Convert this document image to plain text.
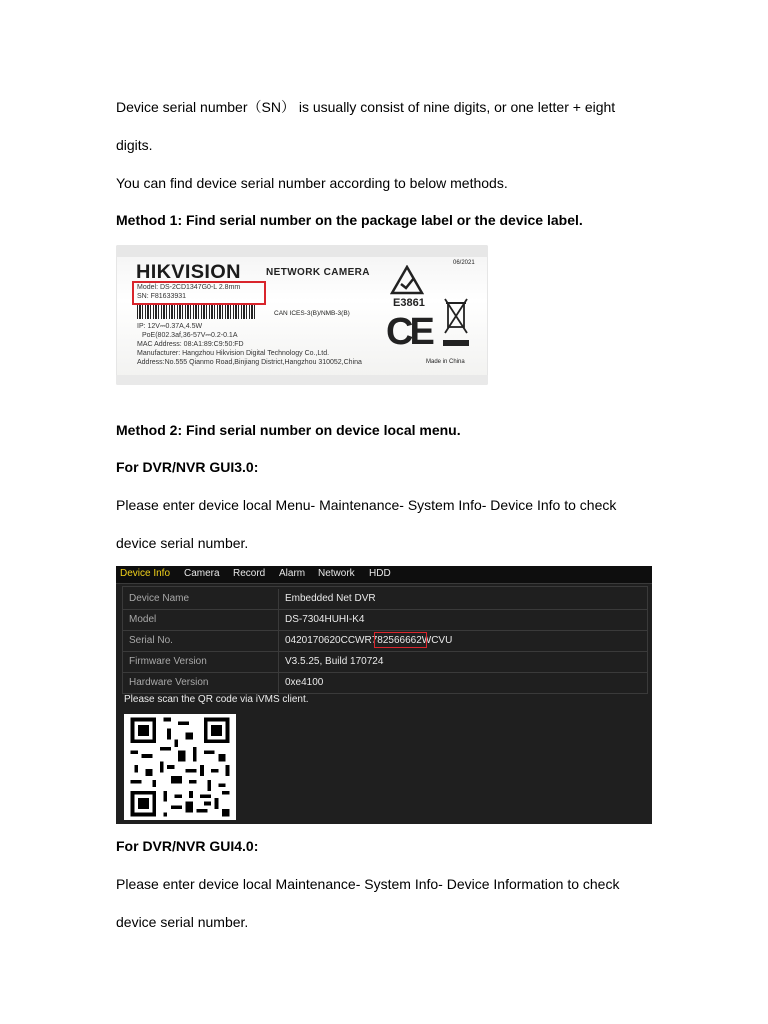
Device serial number（SN） is usually consist of nine digits, or one letter + eight
digits.
You can find device serial number according to below methods.
Method 1: Find serial number on the package label or the device label.
HIKVISION	NETWORK CAMERA
06/2021
Model: DS-2CD1347G0-L 2.8mm
SN: F81633931
IP: 12V⎓0.37A,4.5W
PoE(802.3af,36-57V⎓0.2-0.1A
MAC Address: 08:A1:89:C9:50:FD
Manufacturer: Hangzhou Hikvision Digital Technology Co.,Ltd.
Address:No.555 Qianmo Road,Binjiang District,Hangzhou 310052,China
CAN ICES-3(B)/NMB-3(B)
E3861
Made in China
CE
Method 2: Find serial number on device local menu.
For DVR/NVR GUI3.0:
Please enter device local Menu- Maintenance- System Info- Device Info to check
device serial number.
Device Info Camera Record Alarm Network HDD
Device Name	Embedded Net DVR
Model	DS-7304HUHI-K4
Serial No.	0420170620CCWR782566662WCVU
Firmware Version	V3.5.25, Build 170724
Hardware Version	0xe4100
Please scan the QR code via iVMS client.
For DVR/NVR GUI4.0:
Please enter device local Maintenance- System Info- Device Information to check
device serial number.
